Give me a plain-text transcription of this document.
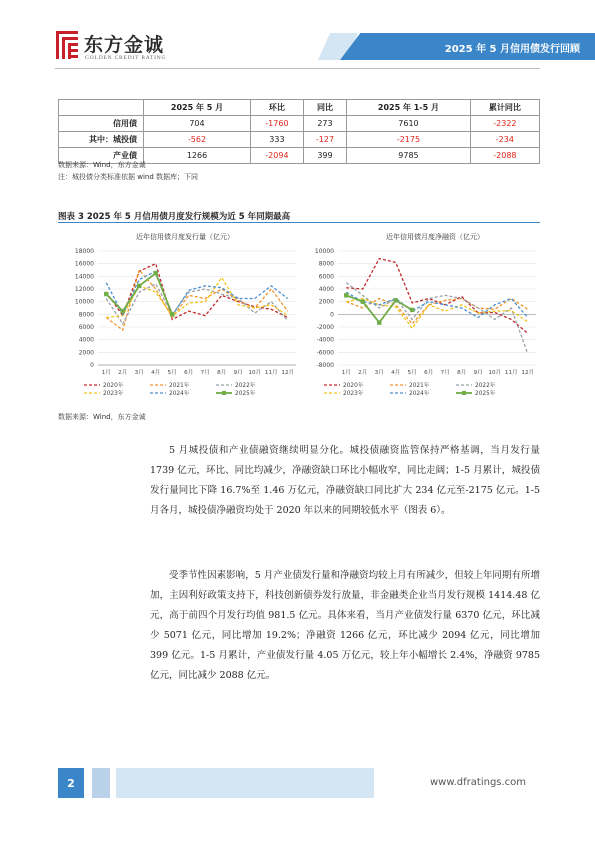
东方金诚
GOLDEN CREDIT RATING
2025 年 5 月信用债发行回顾
	2025 年 5 月	环比	同比	2025 年 1-5 月	累计同比
信用债	704	-1760	273	7610	-2322
其中：城投债	-562	333	-127	-2175	-234
产业债	1266	-2094	399	9785	-2088
数据来源：Wind，东方金诚
注：城投债分类标准依据 wind 数据库；下同
图表 3 2025 年 5 月信用债月度发行规模为近 5 年同期最高
近年信用债月度发行量（亿元）
0
2000
4000
6000
8000
10000
12000
14000
16000
18000
1月 2月 3月 4月 5月 6月 7月 8月 9月 10月 11月 12月
2020年	2021年	2022年
2023年	2024年	2025年
近年信用债月度净融资（亿元）
-8000
-6000
-4000
-2000
0
2000
4000
6000
8000
10000
1月 2月 3月 4月 5月 6月 7月 8月 9月 10月 11月 12月
2020年	2021年	2022年
2023年	2024年	2025年
数据来源：Wind，东方金诚
5 月城投债和产业债融资继续明显分化。城投债融资监管保持严格基调，当月发行量 1739 亿元，环比、同比均减少，净融资缺口环比小幅收窄，同比走阔；1-5 月累计，城投债发行量同比下降 16.7%至 1.46 万亿元，净融资缺口同比扩大 234 亿元至-2175 亿元。1-5 月各月，城投债净融资均处于 2020 年以来的同期较低水平（图表 6）。
受季节性因素影响，5 月产业债发行量和净融资均较上月有所减少，但较上年同期有所增加，主因利好政策支持下，科技创新债券发行放量，非金融类企业当月发行规模 1414.48 亿元，高于前四个月发行均值 981.5 亿元。具体来看，当月产业债发行量 6370 亿元，环比减少 5071 亿元，同比增加 19.2%；净融资 1266 亿元，环比减少 2094 亿元，同比增加 399 亿元。1-5 月累计，产业债发行量 4.05 万亿元，较上年小幅增长 2.4%，净融资 9785 亿元，同比减少 2088 亿元。
2	www.dfratings.com
